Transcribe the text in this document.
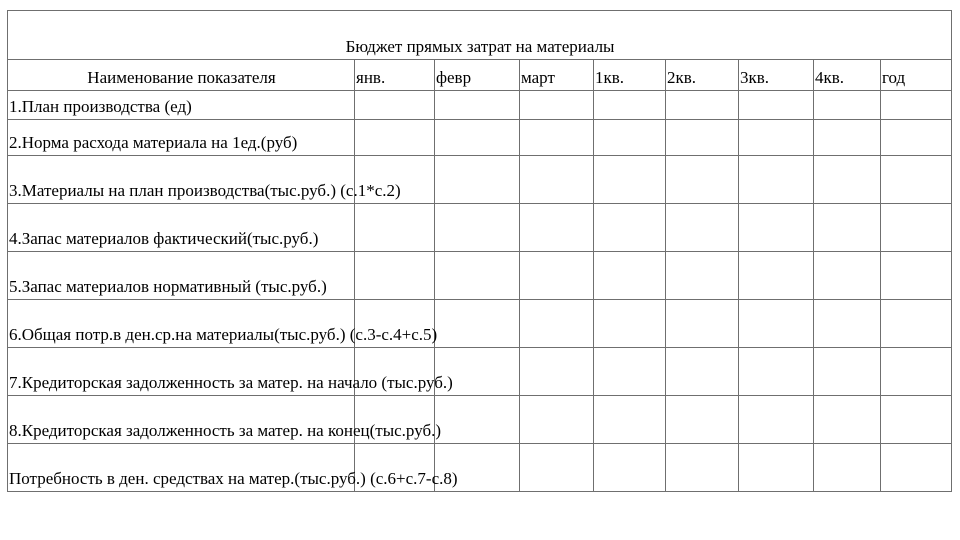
Бюджет прямых затрат на материалы								
Наименование показателя	янв.	февр	март	1кв.	2кв.	3кв.	4кв.	год
1.План производства (ед)								
2.Норма расхода материала на 1ед.(руб)								
3.Материалы на план производства(тыс.руб.) (с.1*с.2)								
4.Запас материалов фактический(тыс.руб.)								
5.Запас материалов нормативный (тыс.руб.)								
6.Общая потр.в ден.ср.на материалы(тыс.руб.) (с.3-с.4+с.5)								
7.Кредиторская задолженность за матер. на начало (тыс.руб.)								
8.Кредиторская задолженность за матер. на конец(тыс.руб.)								
Потребность в ден. средствах на матер.(тыс.руб.) (с.6+с.7-с.8)								
